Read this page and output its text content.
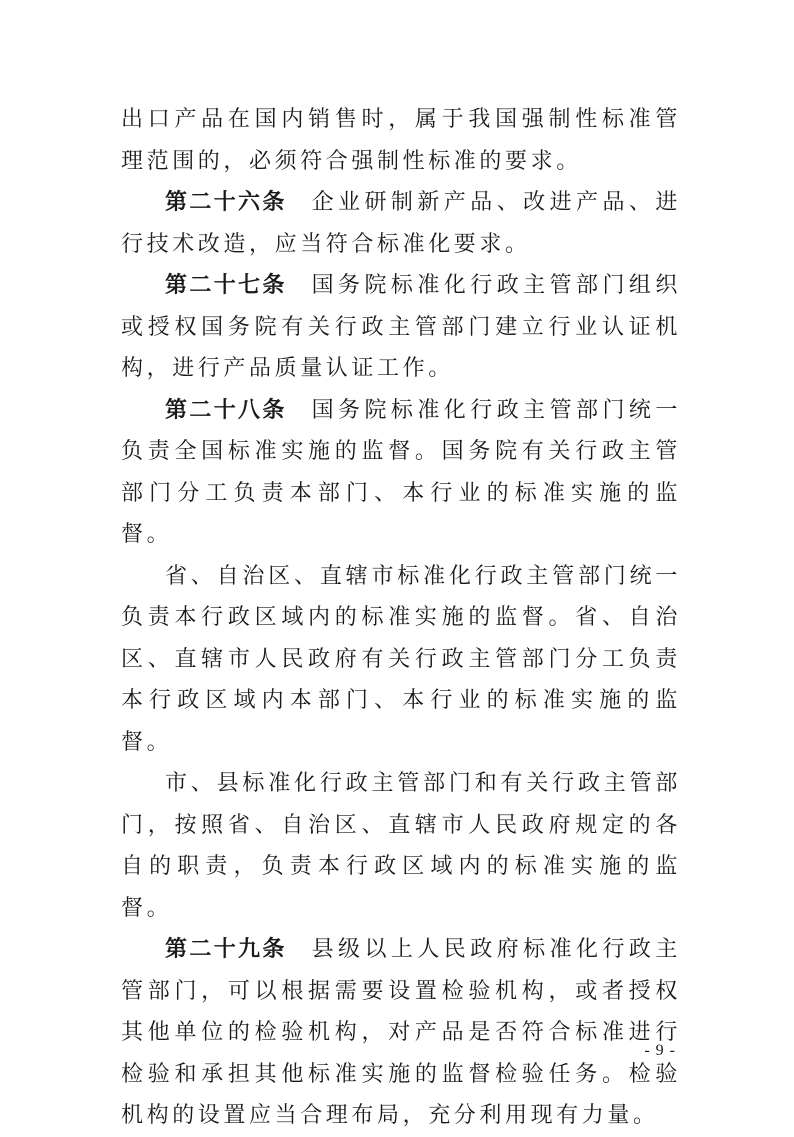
出口产品在国内销售时，属于我国强制性标准管理范围的，必须符合强制性标准的要求。

第二十六条 企业研制新产品、改进产品、进行技术改造，应当符合标准化要求。

第二十七条 国务院标准化行政主管部门组织或授权国务院有关行政主管部门建立行业认证机构，进行产品质量认证工作。

第二十八条 国务院标准化行政主管部门统一负责全国标准实施的监督。国务院有关行政主管部门分工负责本部门、本行业的标准实施的监督。

省、自治区、直辖市标准化行政主管部门统一负责本行政区域内的标准实施的监督。省、自治区、直辖市人民政府有关行政主管部门分工负责本行政区域内本部门、本行业的标准实施的监督。

市、县标准化行政主管部门和有关行政主管部门，按照省、自治区、直辖市人民政府规定的各自的职责，负责本行政区域内的标准实施的监督。

第二十九条 县级以上人民政府标准化行政主管部门，可以根据需要设置检验机构，或者授权其他单位的检验机构，对产品是否符合标准进行检验和承担其他标准实施的监督检验任务。检验机构的设置应当合理布局，充分利用现有力量。

- 9 -
